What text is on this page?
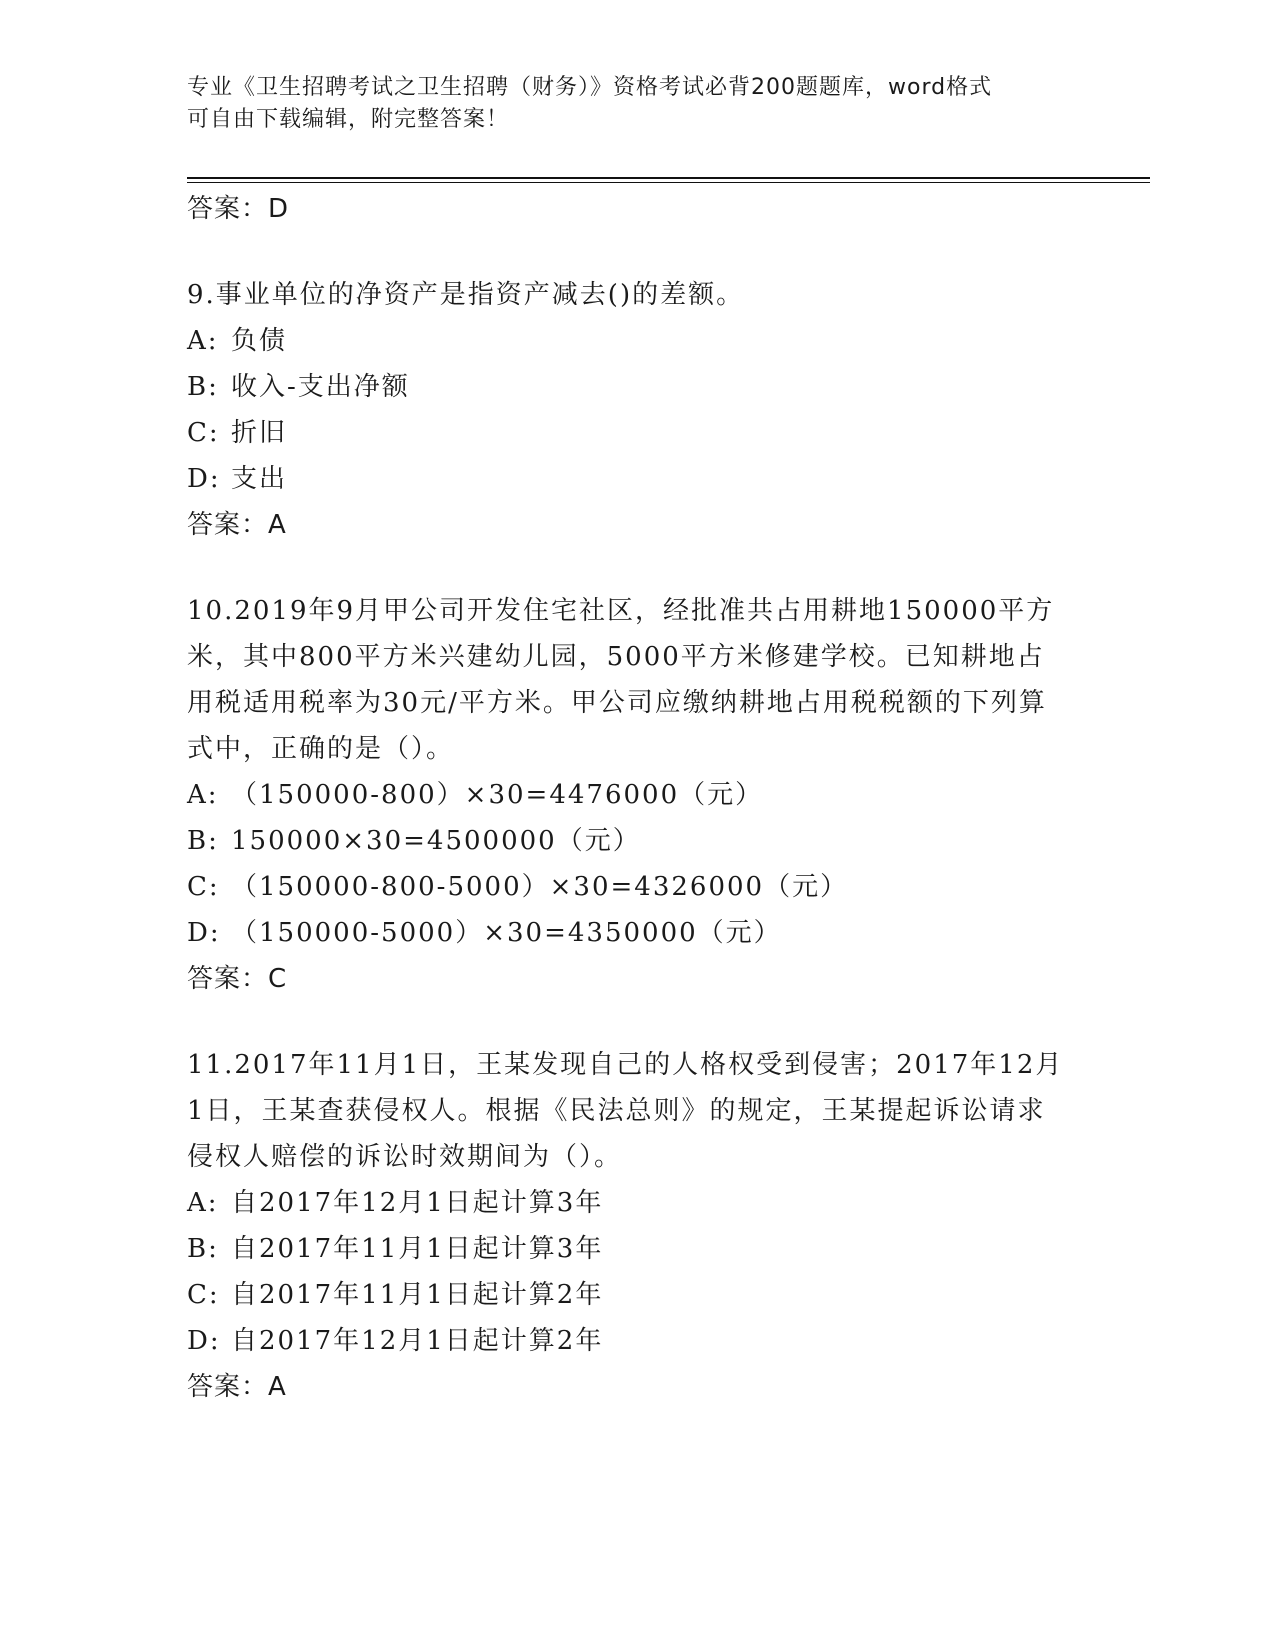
专业《卫生招聘考试之卫生招聘（财务）》资格考试必背200题题库，word格式
可自由下载编辑，附完整答案！
答案：D

9.事业单位的净资产是指资产减去()的差额。

A: 负债
B: 收入-支出净额
C: 折旧
D: 支出
答案：A

10.2019年9月甲公司开发住宅社区，经批准共占用耕地150000平方米，其中800平方米兴建幼儿园，5000平方米修建学校。已知耕地占用税适用税率为30元/平方米。甲公司应缴纳耕地占用税税额的下列算式中，正确的是（）。

A: （150000-800）×30=4476000（元）
B: 150000×30=4500000（元）
C: （150000-800-5000）×30=4326000（元）
D: （150000-5000）×30=4350000（元）
答案：C

11.2017年11月1日，王某发现自己的人格权受到侵害；2017年12月1日，王某查获侵权人。根据《民法总则》的规定，王某提起诉讼请求侵权人赔偿的诉讼时效期间为（）。

A: 自2017年12月1日起计算3年
B: 自2017年11月1日起计算3年
C: 自2017年11月1日起计算2年
D: 自2017年12月1日起计算2年
答案：A
